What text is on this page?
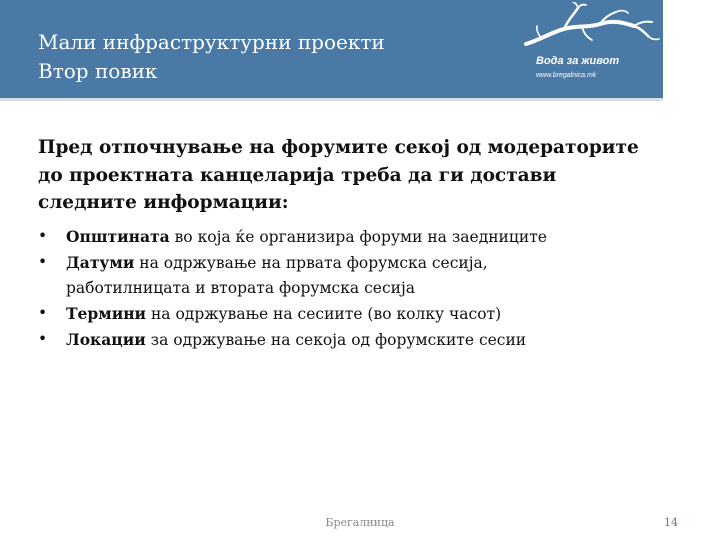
Мали инфраструктурни проекти
Втор повик	Вода за живот
www.bregalnica.mk
Пред отпочнување на форумите секој од модераторите
до проектната канцеларија треба да ги достави
следните информации:
• Општината во која ќе организира форуми на заедниците
• Датуми на одржување на првата форумска сесија,
работилницата и втората форумска сесија
• Термини на одржување на сесиите (во колку часот)
• Локации за одржување на секоја од форумските сесии
Брегалница	14
